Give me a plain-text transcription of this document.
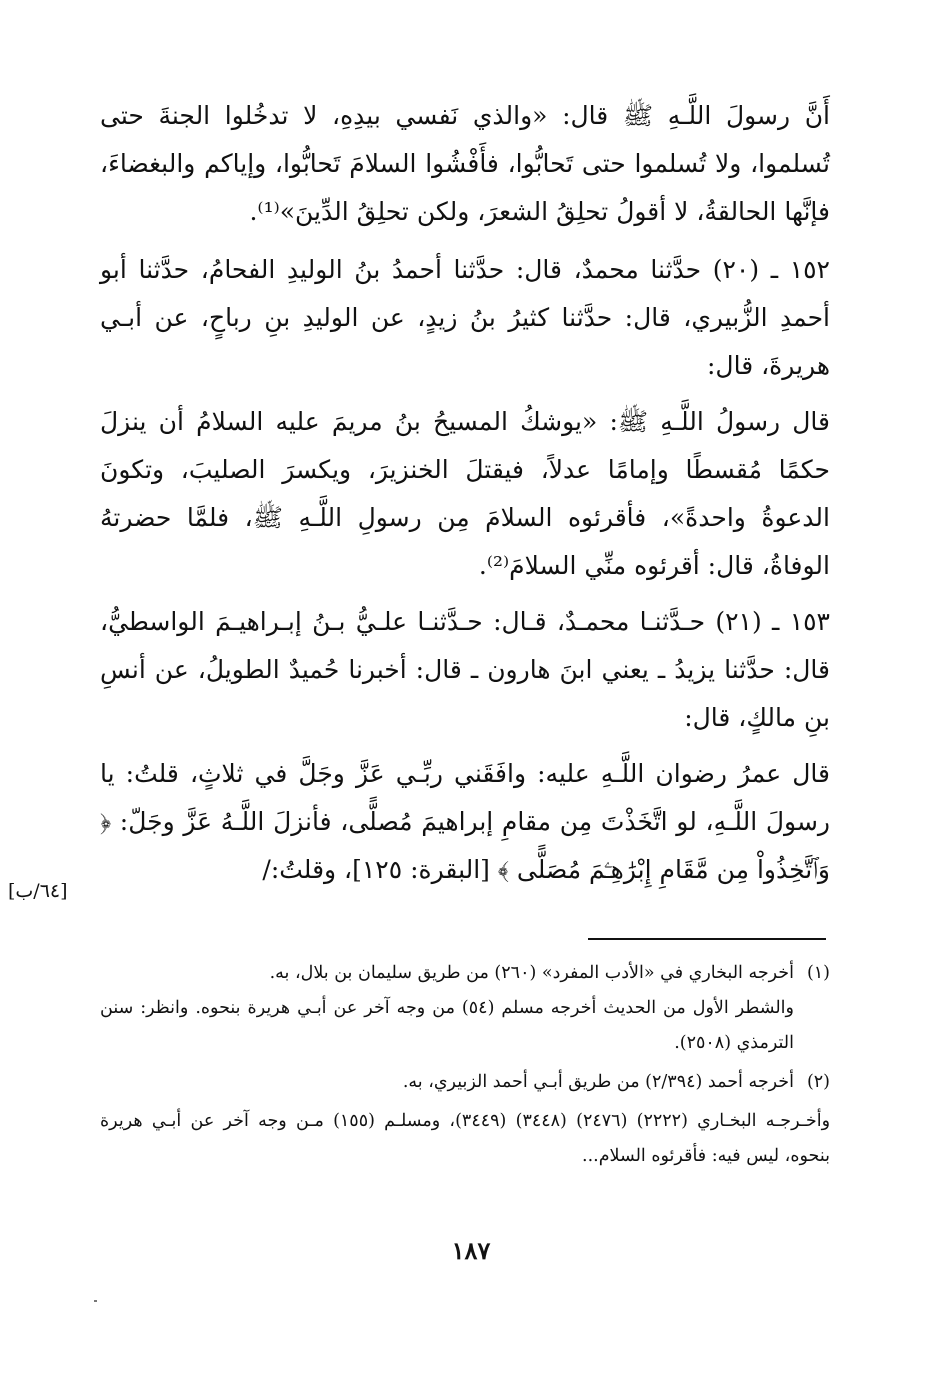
أَنَّ رسولَ اللَّـهِ ﷺ قال: «والذي نَفسي بيدِهِ، لا تدخُلوا الجنةَ حتى تُسلموا، ولا تُسلموا حتى تَحابُّوا، فأَفْشُوا السلامَ تَحابُّوا، وإياكم والبغضاءَ، فإنَّها الحالقةُ، لا أقولُ تحلِقُ الشعرَ، ولكن تحلِقُ الدِّينَ»⁽¹⁾.

١٥٢ ـ (٢٠) حدَّثنا محمدٌ، قال: حدَّثنا أحمدُ بنُ الوليدِ الفحامُ، حدَّثنا أبو أحمدِ الزُّبيري، قال: حدَّثنا كثيرُ بنُ زيدٍ، عن الوليدِ بنِ رباحٍ، عن أبـي هريرةَ، قال:

قال رسولُ اللَّـهِ ﷺ: «يوشكُ المسيحُ بنُ مريمَ عليه السلامُ أن ينزلَ حكمًا مُقسطًا وإمامًا عدلاً، فيقتلَ الخنزيرَ، ويكسرَ الصليبَ، وتكونَ الدعوةُ واحدةً»، فأقرئوه السلامَ مِن رسولِ اللَّـهِ ﷺ، فلمَّا حضرتهُ الوفاةُ، قال: أقرئوه منِّي السلامَ⁽²⁾.

١٥٣ ـ (٢١) حـدَّثنـا محمـدٌ، قـال: حـدَّثنـا علـيُّ بـنُ إبـراهيـمَ الواسطيُّ، قال: حدَّثنا يزيدُ ـ يعني ابنَ هارون ـ قال: أخبرنا حُميدٌ الطويلُ، عن أنسِ بنِ مالكٍ، قال:

قال عمرُ رضوان اللَّـهِ عليه: وافَقَني ربِّـي عَزَّ وجَلَّ في ثلاثٍ، قلتُ: يا رسولَ اللَّـهِ، لو اتَّخَذْتَ مِن مقامِ إبراهيمَ مُصلًّى، فأنزلَ اللَّـهُ عَزَّ وجَلّ: ﴿ وَٱتَّخِذُواْ مِن مَّقَامِ إِبْرَٰهِـۧمَ مُصَلًّى ﴾ [البقرة: ١٢٥]، وقلتُ:/

[٦٤/ب]
(١)
أخرجه البخاري في «الأدب المفرد» (٢٦٠) من طريق سليمان بن بلال، به.
والشطر الأول من الحديث أخرجه مسلم (٥٤) من وجه آخر عن أبـي هريرة بنحوه. وانظر: سنن الترمذي (٢٥٠٨).
(٢)
أخرجه أحمد (٢/٣٩٤) من طريق أبـي أحمد الزبيري، به.
وأخـرجـه البخـاري (٢٢٢٢) (٢٤٧٦) (٣٤٤٨) (٣٤٤٩)، ومسلـم (١٥٥) مـن وجه آخر عن أبـي هريرة بنحوه، ليس فيه: فأقرئوه السلام...
١٨٧
